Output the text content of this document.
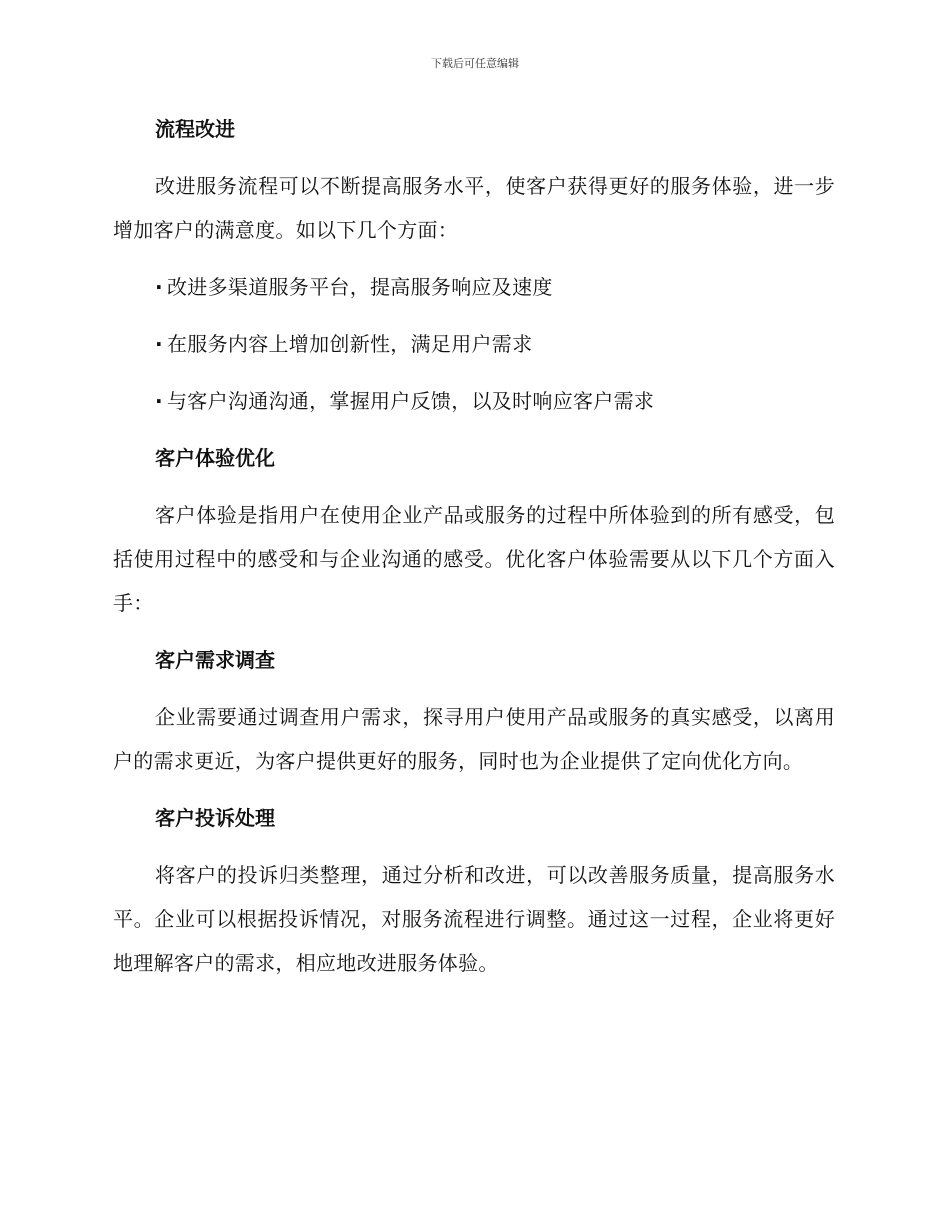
下载后可任意编辑
流程改进

改进服务流程可以不断提高服务水平，使客户获得更好的服务体验，进一步增加客户的满意度。如以下几个方面：

· 改进多渠道服务平台，提高服务响应及速度
· 在服务内容上增加创新性，满足用户需求
· 与客户沟通沟通，掌握用户反馈，以及时响应客户需求
客户体验优化

客户体验是指用户在使用企业产品或服务的过程中所体验到的所有感受，包括使用过程中的感受和与企业沟通的感受。优化客户体验需要从以下几个方面入手：

客户需求调查

企业需要通过调查用户需求，探寻用户使用产品或服务的真实感受，以离用户的需求更近，为客户提供更好的服务，同时也为企业提供了定向优化方向。

客户投诉处理

将客户的投诉归类整理，通过分析和改进，可以改善服务质量，提高服务水平。企业可以根据投诉情况，对服务流程进行调整。通过这一过程，企业将更好地理解客户的需求，相应地改进服务体验。
